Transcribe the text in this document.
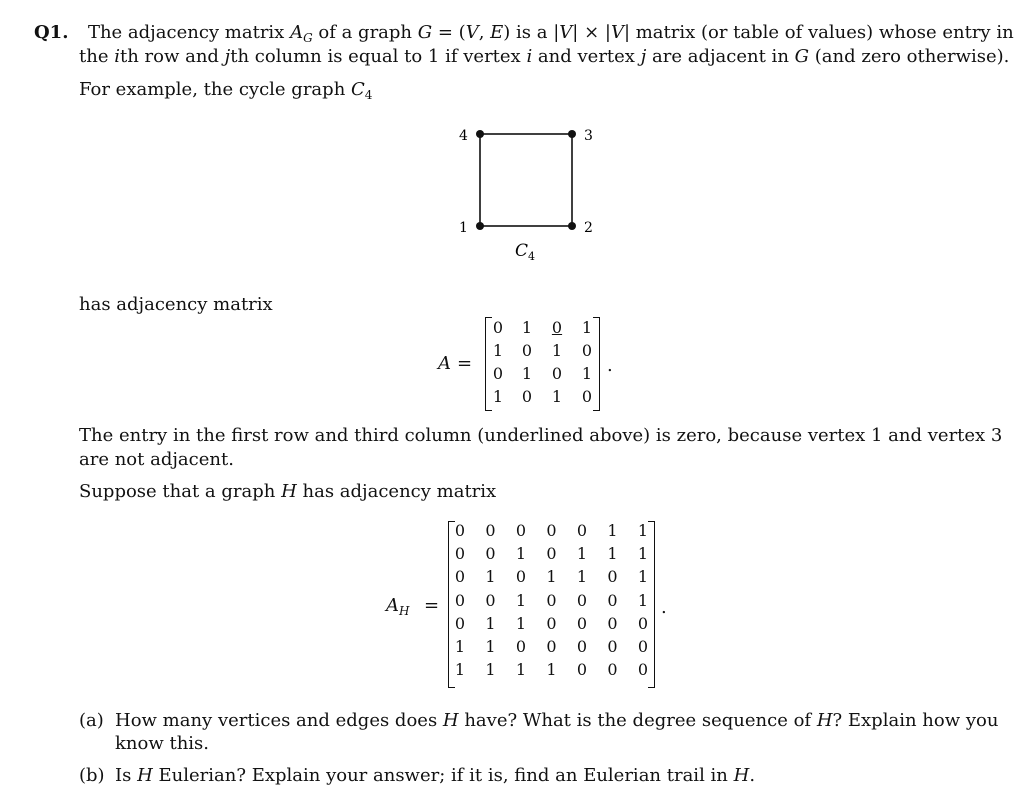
Q1. The adjacency matrix $A_G$ of a graph G = (V, E) is a |V| × |V| matrix (or table of values) whose entry in
the ith row and jth column is equal to 1 if vertex i and vertex j are adjacent in G (and zero otherwise).
For example, the cycle graph $C_4$
4	3
1	2
C 4
has adjacency matrix
A =	.
0 1 0 1
1 0 1 0
0 1 0 1
1 0 1 0
The entry in the first row and third column (underlined above) is zero, because vertex 1 and vertex 3
are not adjacent.
Suppose that a graph H has adjacency matrix
$A_H$ =	.
0 0 0 0 0 1 1
0 0 1 0 1 1 1
0 1 0 1 1 0 1
0 0 1 0 0 0 1
0 1 1 0 0 0 0
1 1 0 0 0 0 0
1 1 1 1 0 0 0
(a) How many vertices and edges does H have? What is the degree sequence of H? Explain how you
know this.
(b) Is H Eulerian? Explain your answer; if it is, find an Eulerian trail in H.
